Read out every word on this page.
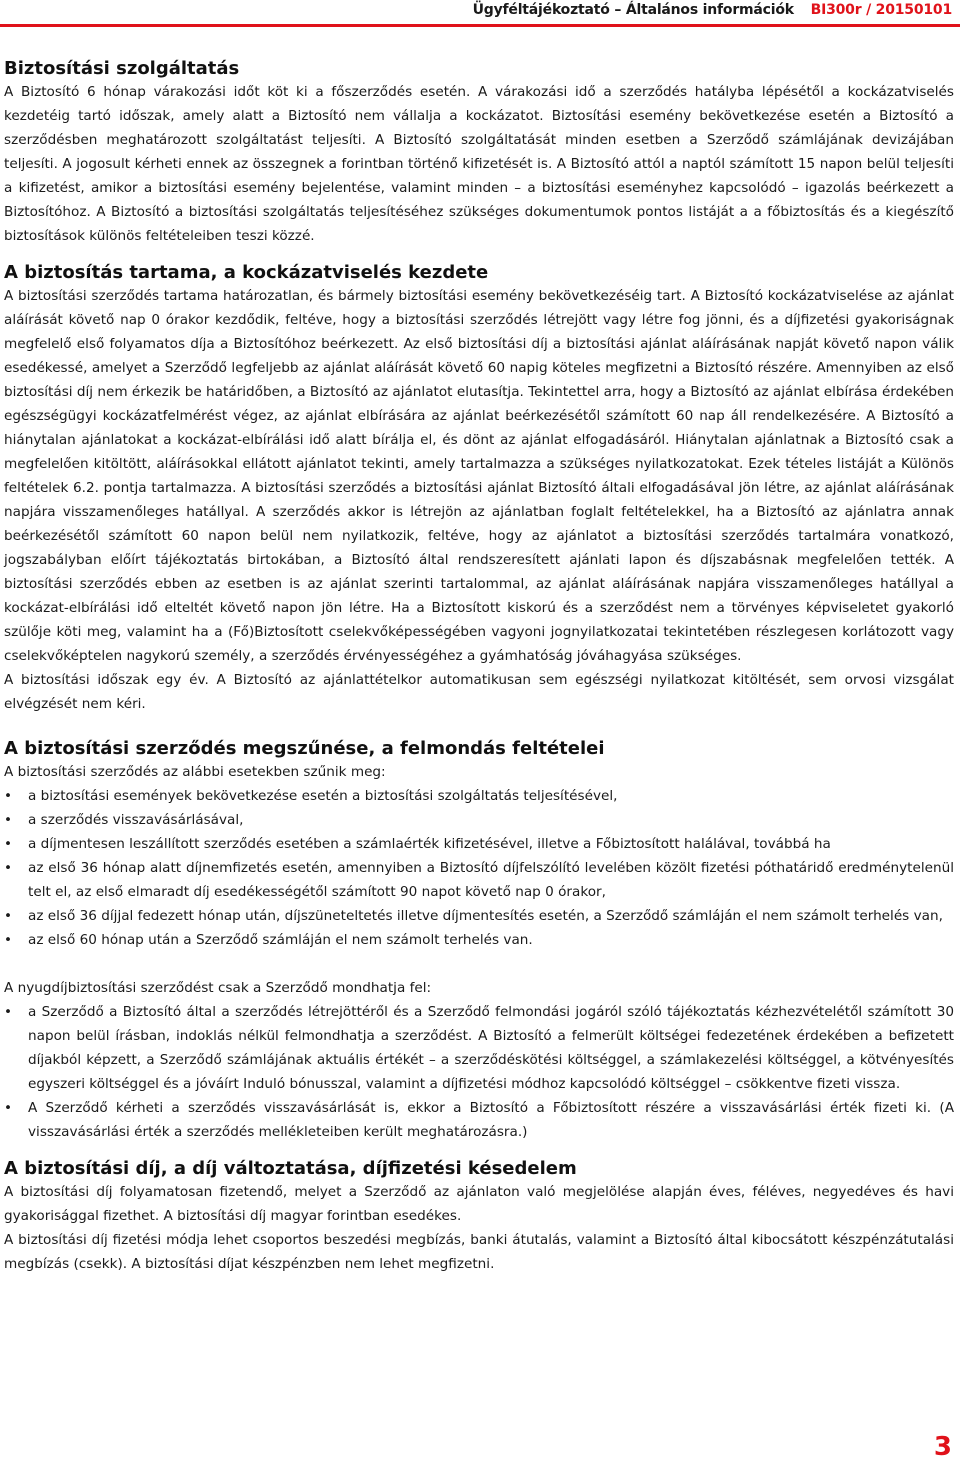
Ügyféltájékoztató – Általános információk BI300r / 20150101
Biztosítási szolgáltatás

A Biztosító 6 hónap várakozási időt köt ki a főszerződés esetén. A várakozási idő a szerződés hatályba lépésétől a kockázatviselés kezdetéig tartó időszak, amely alatt a Biztosító nem vállalja a kockázatot. Biztosítási esemény bekövetkezése esetén a Biztosító a szerződésben meghatározott szolgáltatást teljesíti. A Biztosító szolgáltatását minden esetben a Szerződő számlájának devizájában teljesíti. A jogosult kérheti ennek az összegnek a forintban történő kifizetését is. A Biztosító attól a naptól számított 15 napon belül teljesíti a kifizetést, amikor a biztosítási esemény bejelentése, valamint minden – a biztosítási eseményhez kapcsolódó – igazolás beérkezett a Biztosítóhoz. A Biztosító a biztosítási szolgáltatás teljesítéséhez szükséges dokumentumok pontos listáját a a főbiztosítás és a kiegészítő biztosítások különös feltételeiben teszi közzé.

A biztosítás tartama, a kockázatviselés kezdete

A biztosítási szerződés tartama határozatlan, és bármely biztosítási esemény bekövetkezéséig tart. A Biztosító kockázatviselése az ajánlat aláírását követő nap 0 órakor kezdődik, feltéve, hogy a biztosítási szerződés létrejött vagy létre fog jönni, és a díjfizetési gyakoriságnak megfelelő első folyamatos díja a Biztosítóhoz beérkezett. Az első biztosítási díj a biztosítási ajánlat aláírásának napját követő napon válik esedékessé, amelyet a Szerződő legfeljebb az ajánlat aláírását követő 60 napig köteles megfizetni a Biztosító részére. Amennyiben az első biztosítási díj nem érkezik be határidőben, a Biztosító az ajánlatot elutasítja. Tekintettel arra, hogy a Biztosító az ajánlat elbírása érdekében egészségügyi kockázatfelmérést végez, az ajánlat elbírására az ajánlat beérkezésétől számított 60 nap áll rendelkezésére. A Biztosító a hiánytalan ajánlatokat a kockázat-elbírálási idő alatt bírálja el, és dönt az ajánlat elfogadásáról. Hiánytalan ajánlatnak a Biztosító csak a megfelelően kitöltött, aláírásokkal ellátott ajánlatot tekinti, amely tartalmazza a szükséges nyilatkozatokat. Ezek tételes listáját a Különös feltételek 6.2. pontja tartalmazza. A biztosítási szerződés a biztosítási ajánlat Biztosító általi elfogadásával jön létre, az ajánlat aláírásának napjára visszamenőleges hatállyal. A szerződés akkor is létrejön az ajánlatban foglalt feltételekkel, ha a Biztosító az ajánlatra annak beérkezésétől számított 60 napon belül nem nyilatkozik, feltéve, hogy az ajánlatot a biztosítási szerződés tartalmára vonatkozó, jogszabályban előírt tájékoztatás birtokában, a Biztosító által rendszeresített ajánlati lapon és díjszabásnak megfelelően tették. A biztosítási szerződés ebben az esetben is az ajánlat szerinti tartalommal, az ajánlat aláírásának napjára visszamenőleges hatállyal a kockázat-elbírálási idő elteltét követő napon jön létre. Ha a Biztosított kiskorú és a szerződést nem a törvényes képviseletet gyakorló szülője köti meg, valamint ha a (Fő)Biztosított cselekvőképességében vagyoni jognyilatkozatai tekintetében részlegesen korlátozott vagy cselekvőképtelen nagykorú személy, a szerződés érvényességéhez a gyámhatóság jóváhagyása szükséges.

A biztosítási időszak egy év. A Biztosító az ajánlattételkor automatikusan sem egészségi nyilatkozat kitöltését, sem orvosi vizsgálat elvégzését nem kéri.

A biztosítási szerződés megszűnése, a felmondás feltételei

A biztosítási szerződés az alábbi esetekben szűnik meg:

• a biztosítási események bekövetkezése esetén a biztosítási szolgáltatás teljesítésével,
• a szerződés visszavásárlásával,
• a díjmentesen leszállított szerződés esetében a számlaérték kifizetésével, illetve a Főbiztosított halálával, továbbá ha
• az első 36 hónap alatt díjnemfizetés esetén, amennyiben a Biztosító díjfelszólító levelében közölt fizetési póthatáridő eredménytelenül telt el, az első elmaradt díj esedékességétől számított 90 napot követő nap 0 órakor,
• az első 36 díjjal fedezett hónap után, díjszüneteltetés illetve díjmentesítés esetén, a Szerződő számláján el nem számolt terhelés van,
• az első 60 hónap után a Szerződő számláján el nem számolt terhelés van.

A nyugdíjbiztosítási szerződést csak a Szerződő mondhatja fel:

• a Szerződő a Biztosító által a szerződés létrejöttéről és a Szerződő felmondási jogáról szóló tájékoztatás kézhezvételétől számított 30 napon belül írásban, indoklás nélkül felmondhatja a szerződést. A Biztosító a felmerült költségei fedezetének érdekében a befizetett díjakból képzett, a Szerződő számlájának aktuális értékét – a szerződéskötési költséggel, a számlakezelési költséggel, a kötvényesítés egyszeri költséggel és a jóváírt Induló bónusszal, valamint a díjfizetési módhoz kapcsolódó költséggel – csökkentve fizeti vissza.
• A Szerződő kérheti a szerződés visszavásárlását is, ekkor a Biztosító a Főbiztosított részére a visszavásárlási érték fizeti ki. (A visszavásárlási érték a szerződés mellékleteiben került meghatározásra.)
A biztosítási díj, a díj változtatása, díjfizetési késedelem

A biztosítási díj folyamatosan fizetendő, melyet a Szerződő az ajánlaton való megjelölése alapján éves, féléves, negyedéves és havi gyakorisággal fizethet. A biztosítási díj magyar forintban esedékes.

A biztosítási díj fizetési módja lehet csoportos beszedési megbízás, banki átutalás, valamint a Biztosító által kibocsátott készpénzátutalási megbízás (csekk). A biztosítási díjat készpénzben nem lehet megfizetni.

3
